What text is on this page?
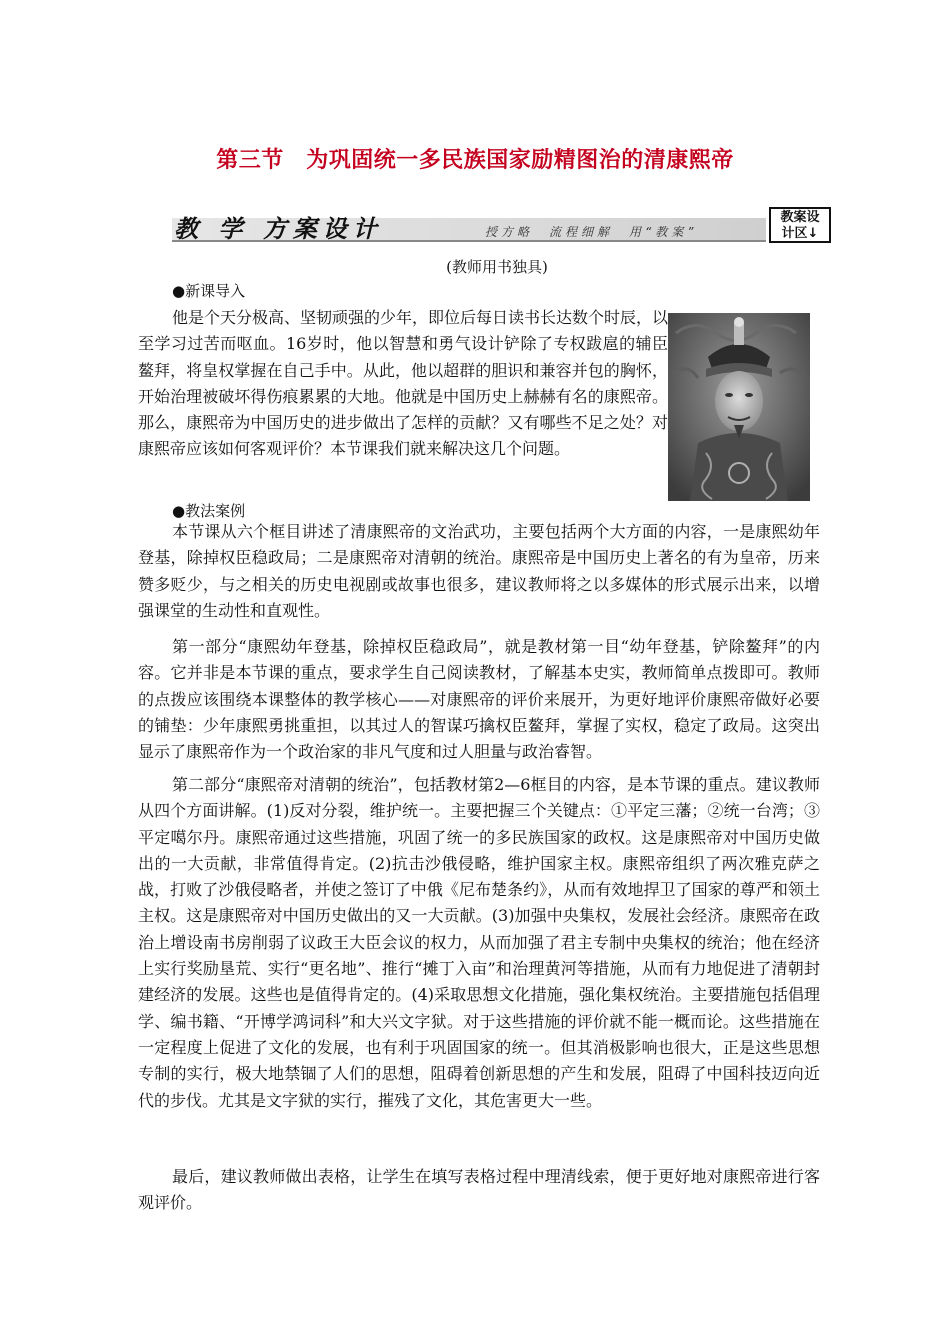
第三节　为巩固统一多民族国家励精图治的清康熙帝
教 学 方案设计	授方略　流程细解　用“教案”
教案设
计区↓
(教师用书独具)
●新课导入

他是个天分极高、坚韧顽强的少年，即位后每日读书长达数个时辰，以至学习过苦而呕血。16岁时，他以智慧和勇气设计铲除了专权跋扈的辅臣鳌拜，将皇权掌握在自己手中。从此，他以超群的胆识和兼容并包的胸怀，开始治理被破坏得伤痕累累的大地。他就是中国历史上赫赫有名的康熙帝。那么，康熙帝为中国历史的进步做出了怎样的贡献？又有哪些不足之处？对康熙帝应该如何客观评价？本节课我们就来解决这几个问题。

●教法案例

本节课从六个框目讲述了清康熙帝的文治武功，主要包括两个大方面的内容，一是康熙幼年登基，除掉权臣稳政局；二是康熙帝对清朝的统治。康熙帝是中国历史上著名的有为皇帝，历来赞多贬少，与之相关的历史电视剧或故事也很多，建议教师将之以多媒体的形式展示出来，以增强课堂的生动性和直观性。

第一部分“康熙幼年登基，除掉权臣稳政局”，就是教材第一目“幼年登基，铲除鳌拜”的内容。它并非是本节课的重点，要求学生自己阅读教材，了解基本史实，教师简单点拨即可。教师的点拨应该围绕本课整体的教学核心——对康熙帝的评价来展开，为更好地评价康熙帝做好必要的铺垫：少年康熙勇挑重担，以其过人的智谋巧擒权臣鳌拜，掌握了实权，稳定了政局。这突出显示了康熙帝作为一个政治家的非凡气度和过人胆量与政治睿智。

第二部分“康熙帝对清朝的统治”，包括教材第2—6框目的内容，是本节课的重点。建议教师从四个方面讲解。(1)反对分裂，维护统一。主要把握三个关键点：①平定三藩；②统一台湾；③平定噶尔丹。康熙帝通过这些措施，巩固了统一的多民族国家的政权。这是康熙帝对中国历史做出的一大贡献，非常值得肯定。(2)抗击沙俄侵略，维护国家主权。康熙帝组织了两次雅克萨之战，打败了沙俄侵略者，并使之签订了中俄《尼布楚条约》，从而有效地捍卫了国家的尊严和领土主权。这是康熙帝对中国历史做出的又一大贡献。(3)加强中央集权，发展社会经济。康熙帝在政治上增设南书房削弱了议政王大臣会议的权力，从而加强了君主专制中央集权的统治；他在经济上实行奖励垦荒、实行“更名地”、推行“摊丁入亩”和治理黄河等措施，从而有力地促进了清朝封建经济的发展。这些也是值得肯定的。(4)采取思想文化措施，强化集权统治。主要措施包括倡理学、编书籍、“开博学鸿词科”和大兴文字狱。对于这些措施的评价就不能一概而论。这些措施在一定程度上促进了文化的发展，也有利于巩固国家的统一。但其消极影响也很大，正是这些思想专制的实行，极大地禁锢了人们的思想，阻碍着创新思想的产生和发展，阻碍了中国科技迈向近代的步伐。尤其是文字狱的实行，摧残了文化，其危害更大一些。

最后，建议教师做出表格，让学生在填写表格过程中理清线索，便于更好地对康熙帝进行客观评价。
